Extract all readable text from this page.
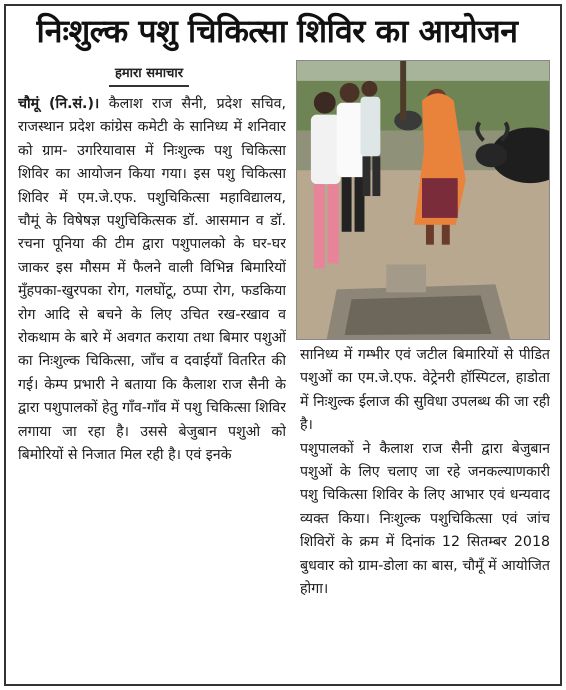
निःशुल्क पशु चिकित्सा शिविर का आयोजन
हमारा समाचार

चौमूं (नि.सं.)। कैलाश राज सैनी, प्रदेश सचिव, राजस्थान प्रदेश कांग्रेस कमेटी के सानिध्य में शनिवार को ग्राम- उगरियावास में निःशुल्क पशु चिकित्सा शिविर का आयोजन किया गया। इस पशु चिकित्सा शिविर में एम.जे.एफ. पशुचिकित्सा महाविद्यालय, चौमूं के विषेषज्ञ पशुचिकित्सक डॉ. आसमान व डॉ. रचना पूनिया की टीम द्वारा पशुपालको के घर-घर जाकर इस मौसम में फैलने वाली विभिन्न बिमारियों मुँहपका-खुरपका रोग, गलघोंटू, ठप्पा रोग, फडकिया रोग आदि से बचने के लिए उचित रख-रखाव व रोकथाम के बारे में अवगत कराया तथा बिमार पशुओं का निःशुल्क चिकित्सा, जाँच व दवाईयाँ वितरित की गई। केम्प प्रभारी ने बताया कि कैलाश राज सैनी के द्वारा पशुपालकों हेतु गाँव-गाँव में पशु चिकित्सा शिविर लगाया जा रहा है। उससे बेजुबान पशुओ को बिमोरियों से निजात मिल रही है। एवं इनके

सानिध्य में गम्भीर एवं जटील बिमारियों से पीडित पशुओं का एम.जे.एफ. वेट्रेनरी हॉस्पिटल, हाडोता में निःशुल्क ईलाज की सुविधा उपलब्ध की जा रही है।

पशुपालकों ने कैलाश राज सैनी द्वारा बेजुबान पशुओं के लिए चलाए जा रहे जनकल्याणकारी पशु चिकित्सा शिविर के लिए आभार एवं धन्यवाद व्यक्त किया। निःशुल्क पशुचिकित्सा एवं जांच शिविरों के क्रम में दिनांक 12 सितम्बर 2018 बुधवार को ग्राम-डोला का बास, चौमूँ में आयोजित होगा।
